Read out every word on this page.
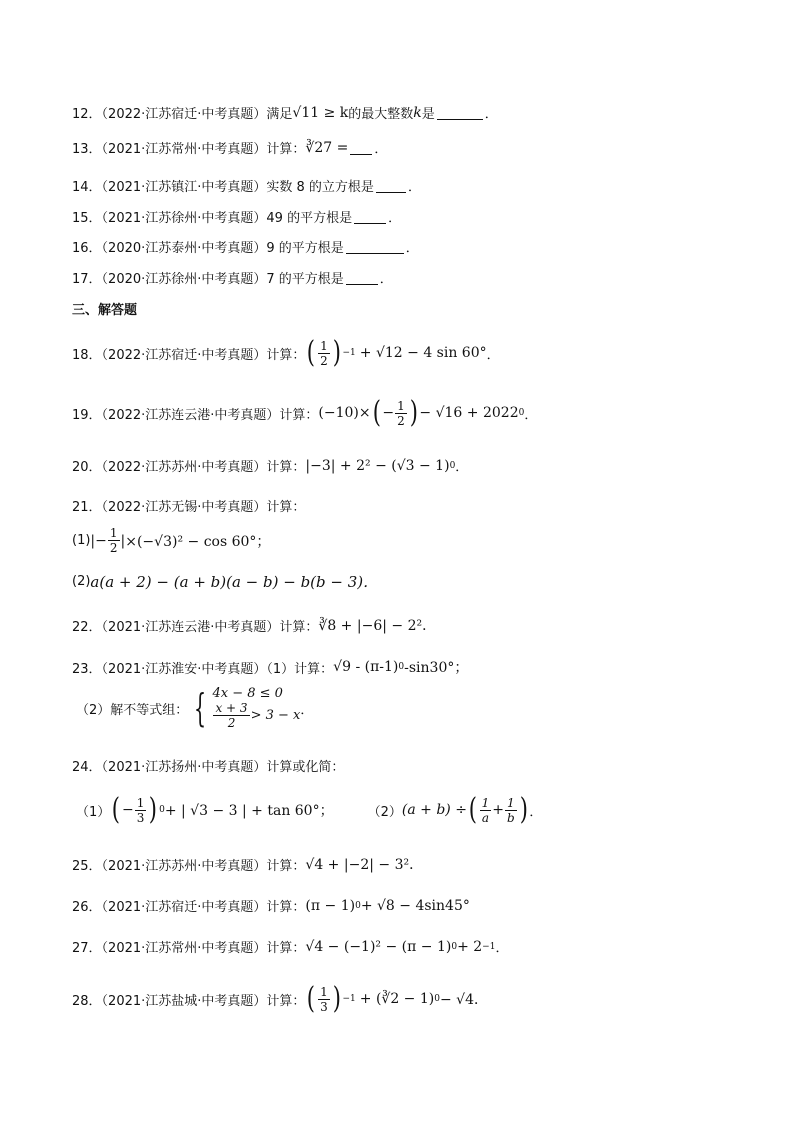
12．（2022·江苏宿迁·中考真题）满足 √11 ≥ k 的最大整数 k 是	．
13．（2021·江苏常州·中考真题）计算： ∛27 = ．
14．（2021·江苏镇江·中考真题）实数 8 的立方根是	．
15．（2021·江苏徐州·中考真题）49 的平方根是	．
16．（2020·江苏泰州·中考真题）9 的平方根是	．
17．（2020·江苏徐州·中考真题）7 的平方根是	．
三、解答题
18．（2022·江苏宿迁·中考真题）计算： ( $\frac{1}{2}$ ) −1 + √12 − 4 sin 60° ．
19．（2022·江苏连云港·中考真题）计算： (−10)× ( − $\frac{1}{2}$ ) − √16 + 2022 0 ．
20．（2022·江苏苏州·中考真题）计算： |−3| + 2² − (√3 − 1) 0 ．
21．（2022·江苏无锡·中考真题）计算：
(1) |− $\frac{1}{2}$ | ×(−√3)² − cos 60°；
(2) a(a + 2) − (a + b)(a − b) − b(b − 3)．
22．（2021·江苏连云港·中考真题）计算： ∛8 + |−6| − 2²．
23．（2021·江苏淮安·中考真题）（1）计算： √9 - (π-1) 0 -sin30°；
（2）解不等式组： { 4x − 8 ≤ 0
$\frac{x + 3}{2} > 3 - x$ ．
24．（2021·江苏扬州·中考真题）计算或化简：
（1） ( − $\frac{1}{3}$ ) 0 + | √3 − 3 | + tan 60°；	（2） (a + b) ÷ ( $\frac{1}{a} + \frac{1}{b}$ ) ．
25．（2021·江苏苏州·中考真题）计算： √4 + |−2| − 3²．
26．（2021·江苏宿迁·中考真题）计算： (π − 1) 0 + √8 − 4sin45°
27．（2021·江苏常州·中考真题）计算： √4 − (−1)² − (π − 1) 0 + 2 −1 ．
28．（2021·江苏盐城·中考真题）计算： ( $\frac{1}{3}$ ) −1 + (∛2 − 1) 0 − √4．
